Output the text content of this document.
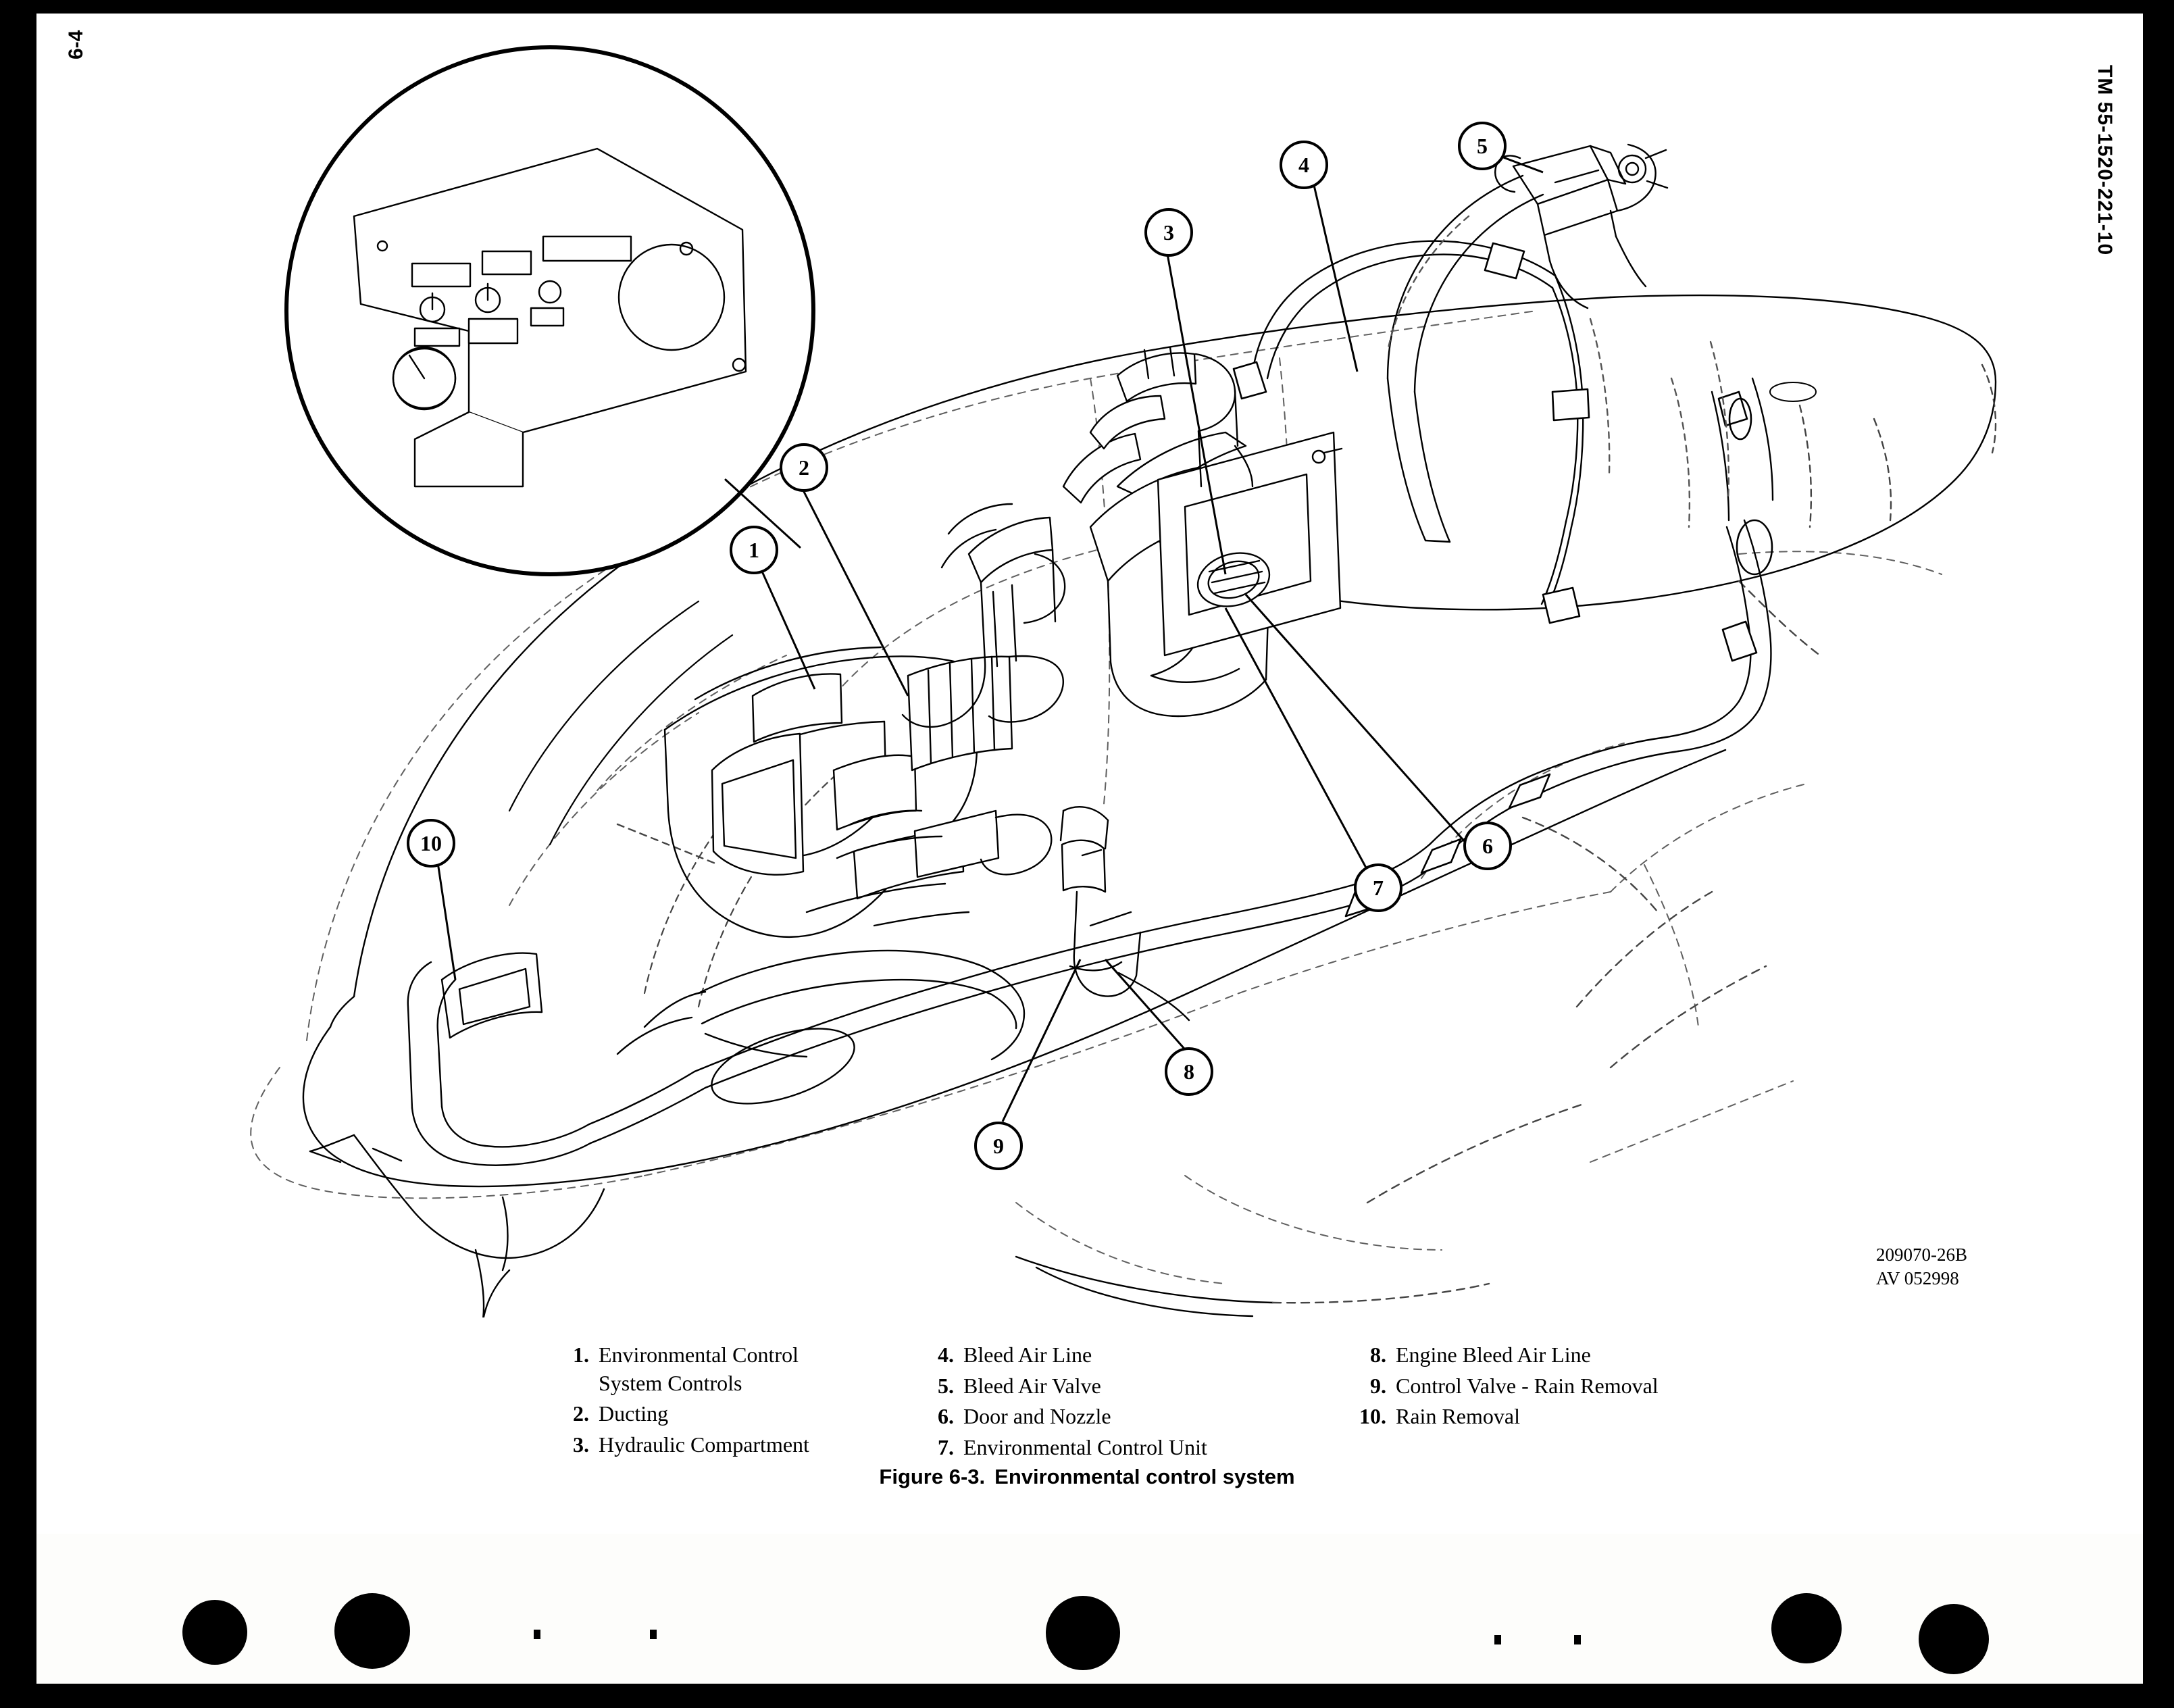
6-4
TM 55-1520-221-10
1
2
3
4
5
6
7
8
9
10
209070-26B
AV 052998
1. Environmental Control
System Controls
2. Ducting
3. Hydraulic Compartment
4. Bleed Air Line
5. Bleed Air Valve
6. Door and Nozzle
7. Environmental Control Unit
8. Engine Bleed Air Line
9. Control Valve - Rain Removal
10. Rain Removal
Figure 6-3. Environmental control system
